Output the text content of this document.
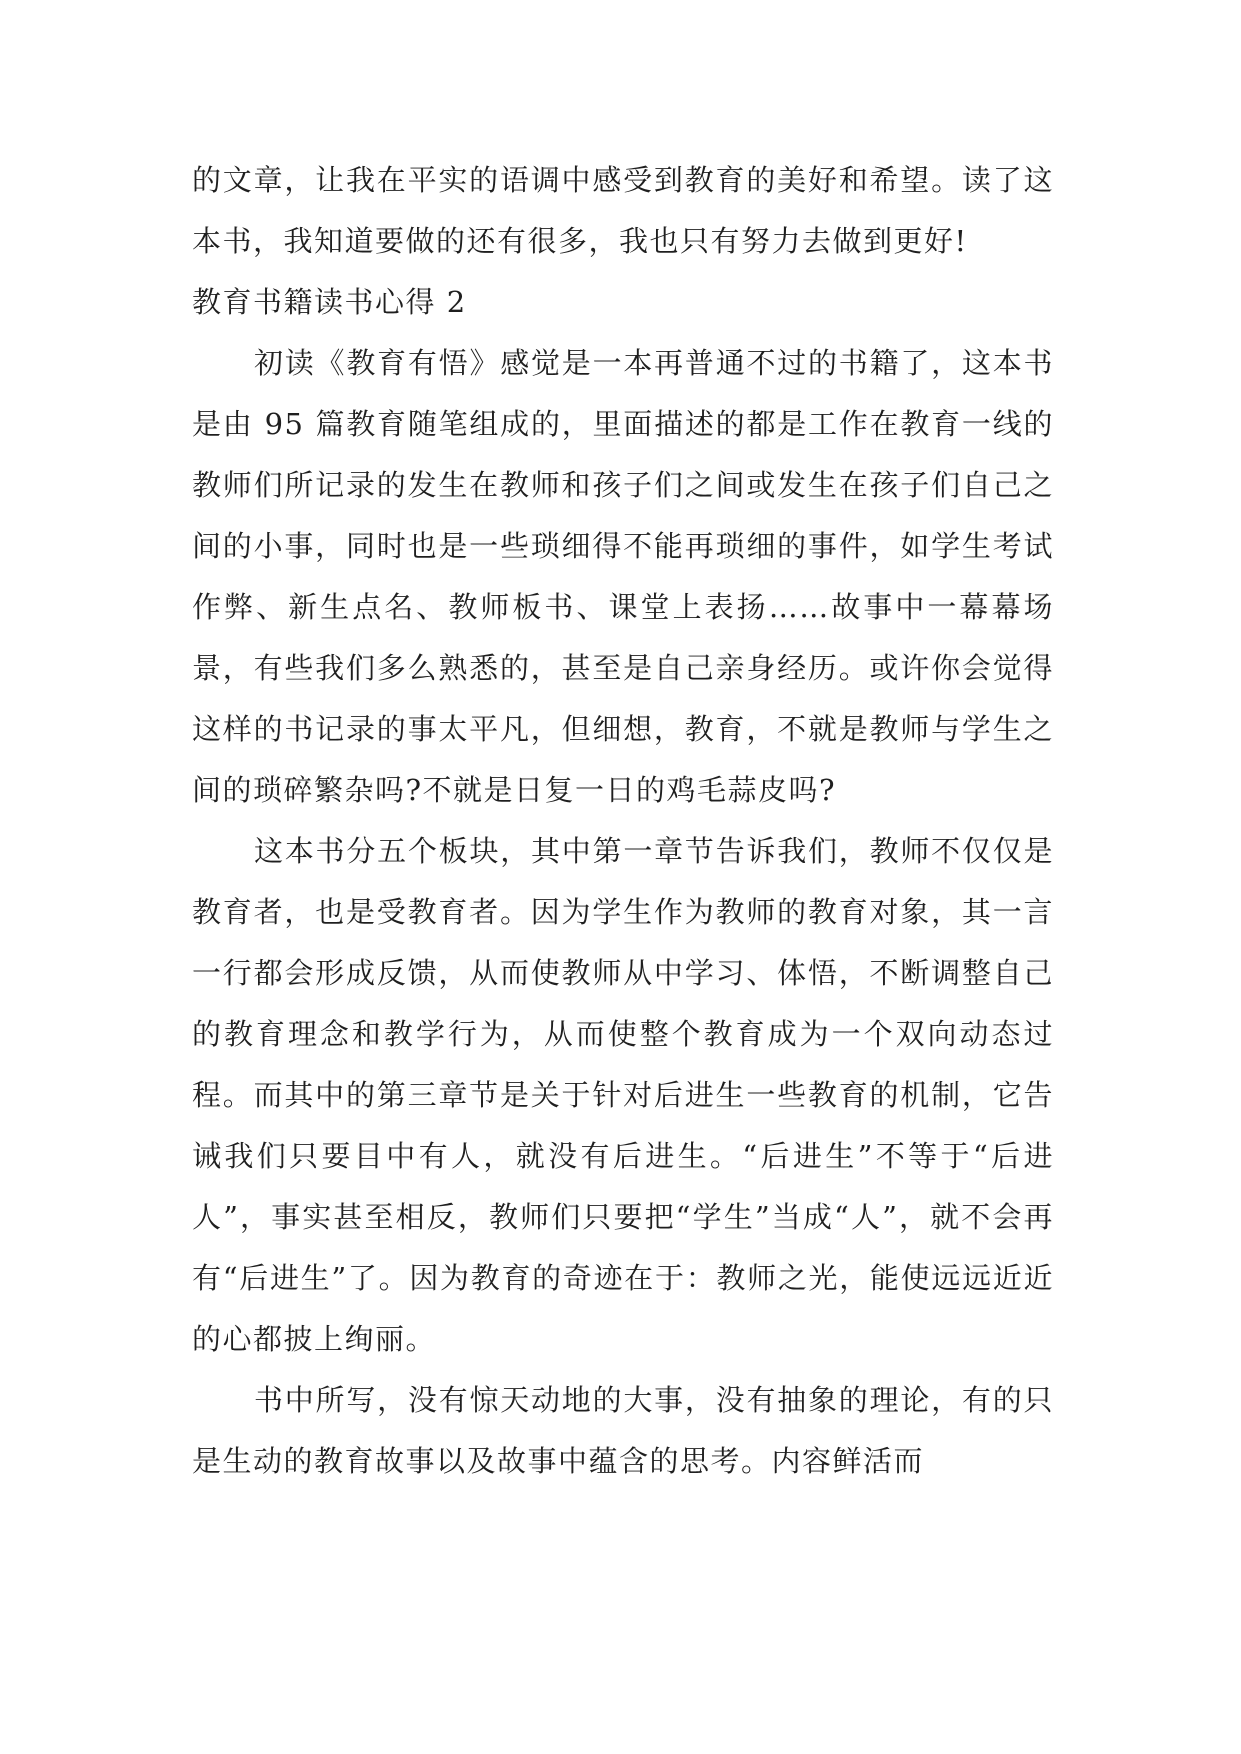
的文章，让我在平实的语调中感受到教育的美好和希望。读了这本书，我知道要做的还有很多，我也只有努力去做到更好!

教育书籍读书心得 2

初读《教育有悟》感觉是一本再普通不过的书籍了，这本书是由 95 篇教育随笔组成的，里面描述的都是工作在教育一线的教师们所记录的发生在教师和孩子们之间或发生在孩子们自己之间的小事，同时也是一些琐细得不能再琐细的事件，如学生考试作弊、新生点名、教师板书、课堂上表扬……故事中一幕幕场景，有些我们多么熟悉的，甚至是自己亲身经历。或许你会觉得这样的书记录的事太平凡，但细想，教育，不就是教师与学生之间的琐碎繁杂吗?不就是日复一日的鸡毛蒜皮吗?

这本书分五个板块，其中第一章节告诉我们，教师不仅仅是教育者，也是受教育者。因为学生作为教师的教育对象，其一言一行都会形成反馈，从而使教师从中学习、体悟，不断调整自己的教育理念和教学行为，从而使整个教育成为一个双向动态过程。而其中的第三章节是关于针对后进生一些教育的机制，它告诫我们只要目中有人，就没有后进生。“后进生”不等于“后进人”，事实甚至相反，教师们只要把“学生”当成“人”，就不会再有“后进生”了。因为教育的奇迹在于：教师之光，能使远远近近的心都披上绚丽。

书中所写，没有惊天动地的大事，没有抽象的理论，有的只是生动的教育故事以及故事中蕴含的思考。内容鲜活而
